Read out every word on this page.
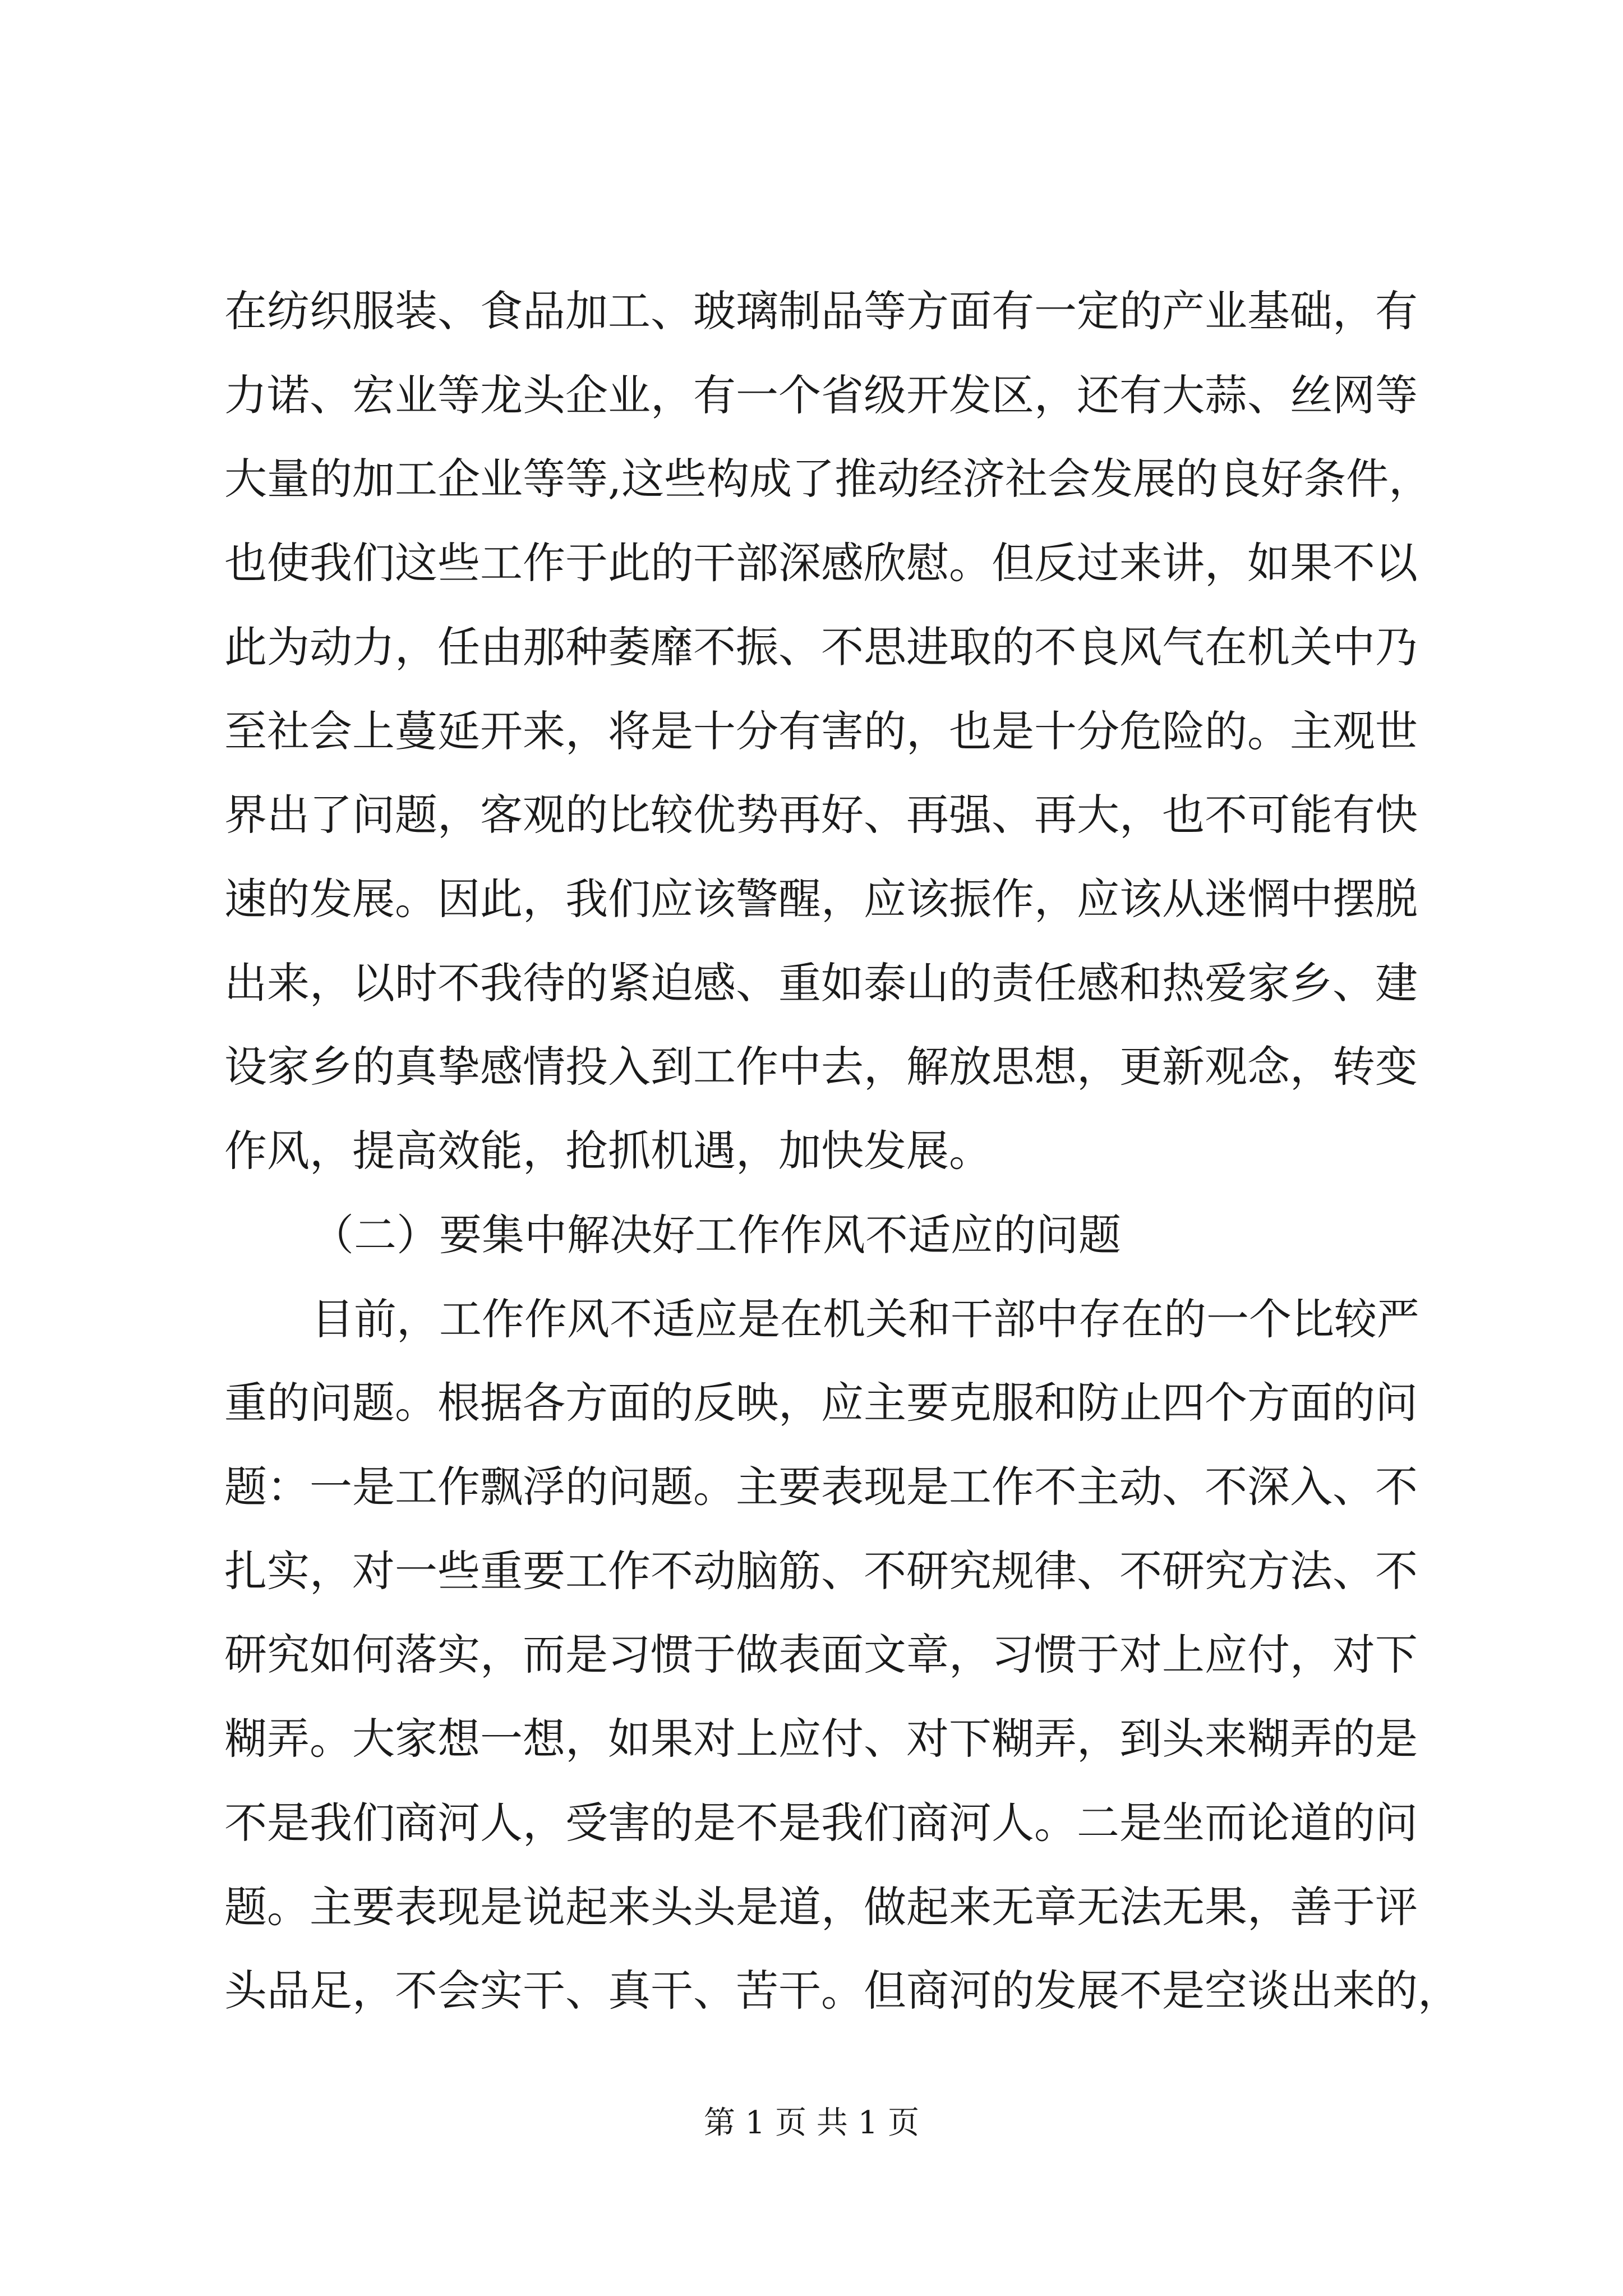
在纺织服装、食品加工、玻璃制品等方面有一定的产业基础，有
力诺、宏业等龙头企业，有一个省级开发区，还有大蒜、丝网等
大量的加工企业等等,这些构成了推动经济社会发展的良好条件，
也使我们这些工作于此的干部深感欣慰。但反过来讲，如果不以
此为动力，任由那种萎靡不振、不思进取的不良风气在机关中乃
至社会上蔓延开来，将是十分有害的，也是十分危险的。主观世
界出了问题，客观的比较优势再好、再强、再大，也不可能有快
速的发展。因此，我们应该警醒，应该振作，应该从迷惘中摆脱
出来，以时不我待的紧迫感、重如泰山的责任感和热爱家乡、建
设家乡的真挚感情投入到工作中去，解放思想，更新观念，转变
作风，提高效能，抢抓机遇，加快发展。
（二）要集中解决好工作作风不适应的问题
目前，工作作风不适应是在机关和干部中存在的一个比较严
重的问题。根据各方面的反映，应主要克服和防止四个方面的问
题：一是工作飘浮的问题。主要表现是工作不主动、不深入、不
扎实，对一些重要工作不动脑筋、不研究规律、不研究方法、不
研究如何落实，而是习惯于做表面文章，习惯于对上应付，对下
糊弄。大家想一想，如果对上应付、对下糊弄，到头来糊弄的是
不是我们商河人，受害的是不是我们商河人。二是坐而论道的问
题。主要表现是说起来头头是道，做起来无章无法无果，善于评
头品足，不会实干、真干、苦干。但商河的发展不是空谈出来的，
第 1 页 共 1 页
